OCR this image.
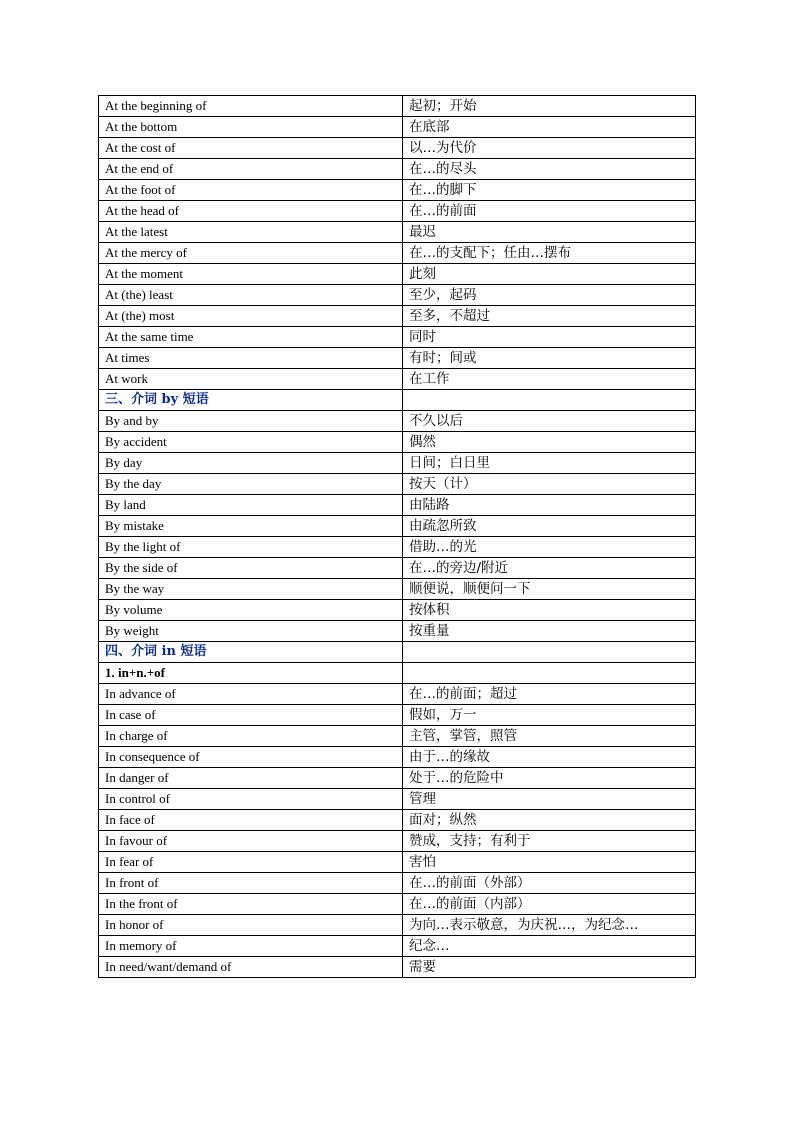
At the beginning of	起初；开始
At the bottom	在底部
At the cost of	以…为代价
At the end of	在…的尽头
At the foot of	在…的脚下
At the head of	在…的前面
At the latest	最迟
At the mercy of	在…的支配下；任由…摆布
At the moment	此刻
At (the) least	至少，起码
At (the) most	至多，不超过
At the same time	同时
At times	有时；间或
At work	在工作
三、介词 by 短语	
By and by	不久以后
By accident	偶然
By day	日间；白日里
By the day	按天（计）
By land	由陆路
By mistake	由疏忽所致
By the light of	借助…的光
By the side of	在…的旁边/附近
By the way	顺便说，顺便问一下
By volume	按体积
By weight	按重量
四、介词 in 短语	
1. in+n.+of	
In advance of	在…的前面；超过
In case of	假如，万一
In charge of	主管，掌管，照管
In consequence of	由于…的缘故
In danger of	处于…的危险中
In control of	管理
In face of	面对；纵然
In favour of	赞成，支持；有利于
In fear of	害怕
In front of	在…的前面（外部）
In the front of	在…的前面（内部）
In honor of	为向…表示敬意，为庆祝…，为纪念…
In memory of	纪念…
In need/want/demand of	需要
